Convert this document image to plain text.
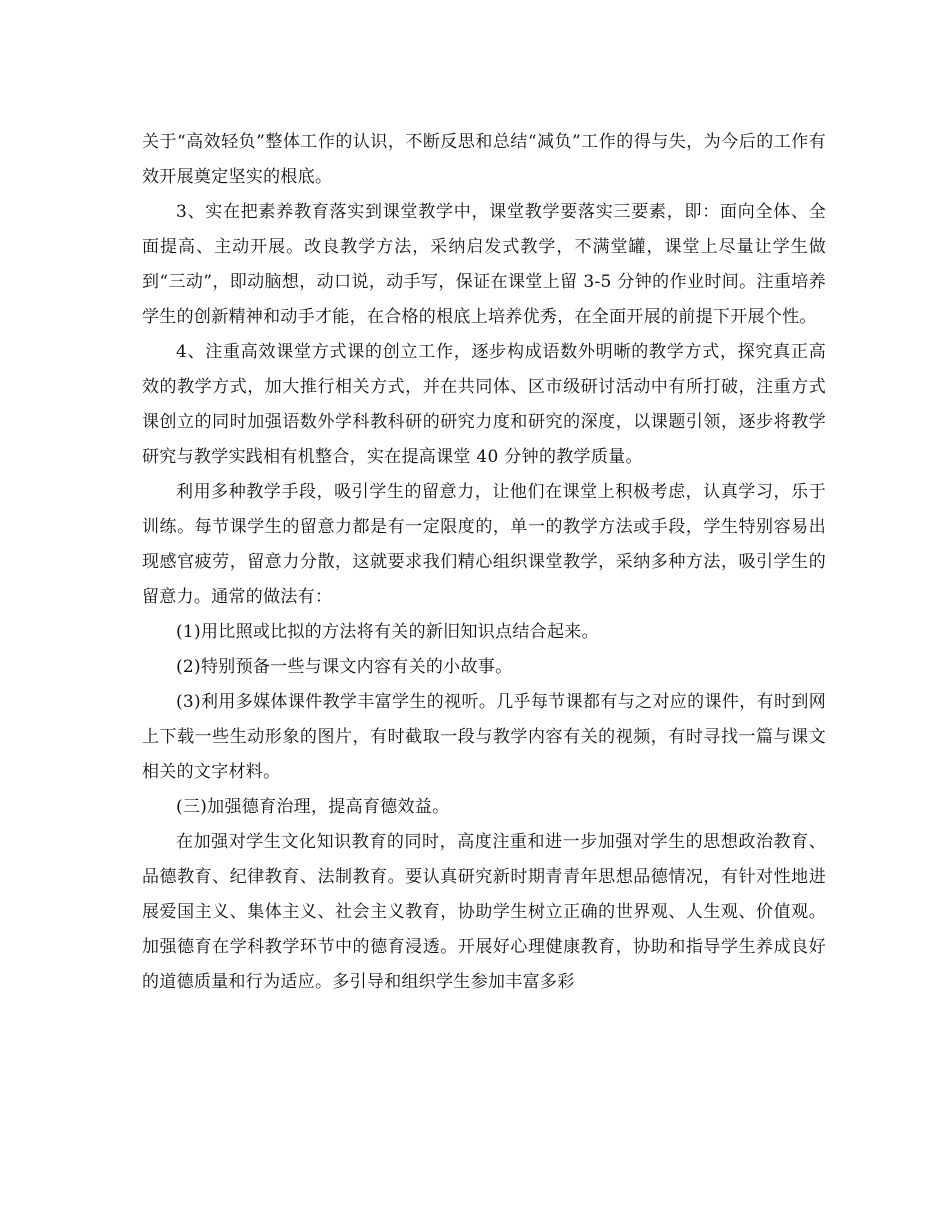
关于“高效轻负”整体工作的认识，不断反思和总结“减负”工作的得与失，为今后的工作有效开展奠定坚实的根底。

3、实在把素养教育落实到课堂教学中，课堂教学要落实三要素，即：面向全体、全面提高、主动开展。改良教学方法，采纳启发式教学，不满堂罐，课堂上尽量让学生做到“三动”，即动脑想，动口说，动手写，保证在课堂上留 3-5 分钟的作业时间。注重培养学生的创新精神和动手才能，在合格的根底上培养优秀，在全面开展的前提下开展个性。

4、注重高效课堂方式课的创立工作，逐步构成语数外明晰的教学方式，探究真正高效的教学方式，加大推行相关方式，并在共同体、区市级研讨活动中有所打破，注重方式课创立的同时加强语数外学科教科研的研究力度和研究的深度，以课题引领，逐步将教学研究与教学实践相有机整合，实在提高课堂 40 分钟的教学质量。

利用多种教学手段，吸引学生的留意力，让他们在课堂上积极考虑，认真学习，乐于训练。每节课学生的留意力都是有一定限度的，单一的教学方法或手段，学生特别容易出现感官疲劳，留意力分散，这就要求我们精心组织课堂教学，采纳多种方法，吸引学生的留意力。通常的做法有：

(1)用比照或比拟的方法将有关的新旧知识点结合起来。

(2)特别预备一些与课文内容有关的小故事。

(3)利用多媒体课件教学丰富学生的视听。几乎每节课都有与之对应的课件，有时到网上下载一些生动形象的图片，有时截取一段与教学内容有关的视频，有时寻找一篇与课文相关的文字材料。

(三)加强德育治理，提高育德效益。

在加强对学生文化知识教育的同时，高度注重和进一步加强对学生的思想政治教育、品德教育、纪律教育、法制教育。要认真研究新时期青青年思想品德情况，有针对性地进展爱国主义、集体主义、社会主义教育，协助学生树立正确的世界观、人生观、价值观。加强德育在学科教学环节中的德育浸透。开展好心理健康教育，协助和指导学生养成良好的道德质量和行为适应。多引导和组织学生参加丰富多彩
